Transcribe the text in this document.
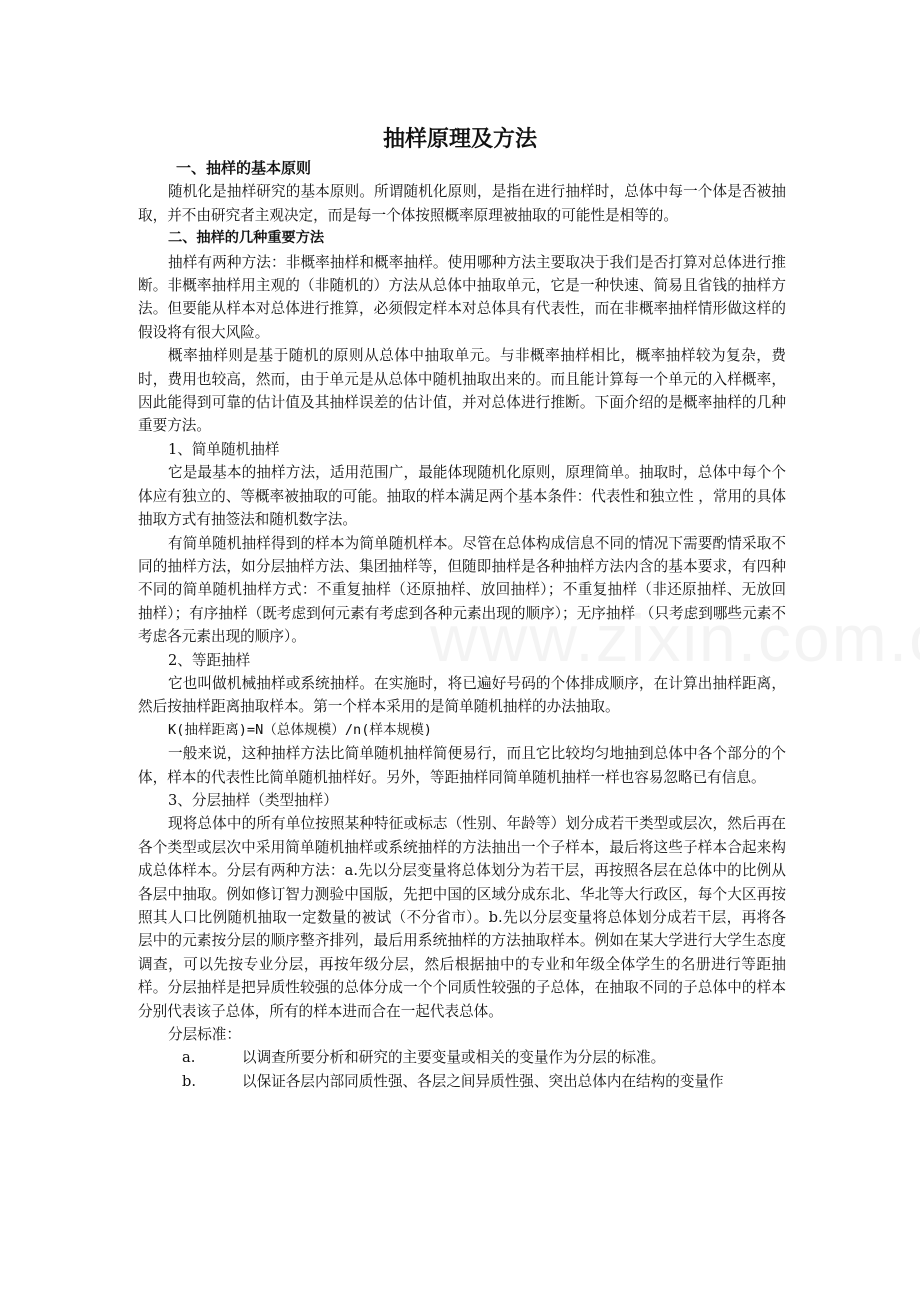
抽样原理及方法
一、抽样的基本原则

随机化是抽样研究的基本原则。所谓随机化原则，是指在进行抽样时，总体中每一个体是否被抽取，并不由研究者主观决定，而是每一个体按照概率原理被抽取的可能性是相等的。

二、抽样的几种重要方法

抽样有两种方法：非概率抽样和概率抽样。使用哪种方法主要取决于我们是否打算对总体进行推断。非概率抽样用主观的（非随机的）方法从总体中抽取单元，它是一种快速、简易且省钱的抽样方法。但要能从样本对总体进行推算，必须假定样本对总体具有代表性，而在非概率抽样情形做这样的假设将有很大风险。

概率抽样则是基于随机的原则从总体中抽取单元。与非概率抽样相比，概率抽样较为复杂，费时，费用也较高，然而，由于单元是从总体中随机抽取出来的。而且能计算每一个单元的入样概率，因此能得到可靠的估计值及其抽样误差的估计值，并对总体进行推断。下面介绍的是概率抽样的几种重要方法。

1、简单随机抽样

它是最基本的抽样方法，适用范围广，最能体现随机化原则，原理简单。抽取时，总体中每个个体应有独立的、等概率被抽取的可能。抽取的样本满足两个基本条件：代表性和独立性 ，常用的具体抽取方式有抽签法和随机数字法。

有简单随机抽样得到的样本为简单随机样本。尽管在总体构成信息不同的情况下需要酌情采取不同的抽样方法，如分层抽样方法、集团抽样等，但随即抽样是各种抽样方法内含的基本要求，有四种不同的简单随机抽样方式：不重复抽样（还原抽样、放回抽样）；不重复抽样（非还原抽样、无放回抽样）；有序抽样（既考虑到何元素有考虑到各种元素出现的顺序）；无序抽样 （只考虑到哪些元素不考虑各元素出现的顺序）。

2、等距抽样

它也叫做机械抽样或系统抽样。在实施时，将已遍好号码的个体排成顺序，在计算出抽样距离，然后按抽样距离抽取样本。第一个样本采用的是简单随机抽样的办法抽取。

K(抽样距离)=N（总体规模）/n(样本规模)

一般来说，这种抽样方法比简单随机抽样简便易行，而且它比较均匀地抽到总体中各个部分的个体，样本的代表性比简单随机抽样好。另外，等距抽样同简单随机抽样一样也容易忽略已有信息。

3、分层抽样（类型抽样）

现将总体中的所有单位按照某种特征或标志（性别、年龄等）划分成若干类型或层次，然后再在各个类型或层次中采用简单随机抽样或系统抽样的方法抽出一个子样本，最后将这些子样本合起来构成总体样本。分层有两种方法：a.先以分层变量将总体划分为若干层，再按照各层在总体中的比例从各层中抽取。例如修订智力测验中国版，先把中国的区域分成东北、华北等大行政区，每个大区再按照其人口比例随机抽取一定数量的被试（不分省市）。b.先以分层变量将总体划分成若干层，再将各层中的元素按分层的顺序整齐排列，最后用系统抽样的方法抽取样本。例如在某大学进行大学生态度调查，可以先按专业分层，再按年级分层，然后根据抽中的专业和年级全体学生的名册进行等距抽样。分层抽样是把异质性较强的总体分成一个个同质性较强的子总体，在抽取不同的子总体中的样本分别代表该子总体，所有的样本进而合在一起代表总体。

分层标准：

a.	以调查所要分析和研究的主要变量或相关的变量作为分层的标准。
b.	以保证各层内部同质性强、各层之间异质性强、突出总体内在结构的变量作
